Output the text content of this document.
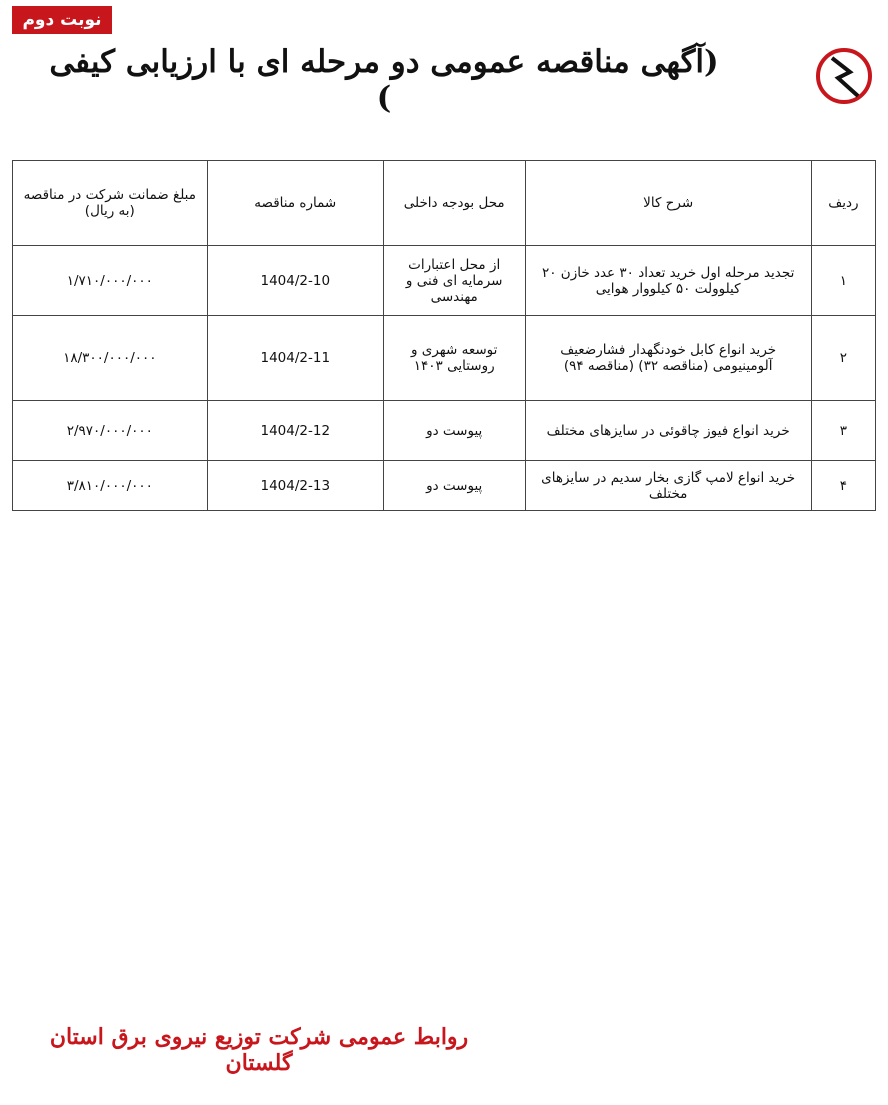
نوبت دوم
(آگهی مناقصه عمومی دو مرحله ای با ارزیابی کیفی )
ردیف	شرح کالا	محل بودجه داخلی	شماره مناقصه	مبلغ ضمانت شرکت در مناقصه (به ریال)
۱	تجدید مرحله اول خرید تعداد ۳۰ عدد خازن ۲۰ کیلوولت ۵۰ کیلووار هوایی	از محل اعتبارات سرمایه ای فنی و مهندسی	1404/2-10	۱/۷۱۰/۰۰۰/۰۰۰
۲	خرید انواع کابل خودنگهدار فشارضعیف آلومینیومی (مناقصه ۳۲) (مناقصه ۹۴)	توسعه شهری و روستایی ۱۴۰۳	1404/2-11	۱۸/۳۰۰/۰۰۰/۰۰۰
۳	خرید انواع فیوز چاقوئی در سایزهای مختلف	پیوست دو	1404/2-12	۲/۹۷۰/۰۰۰/۰۰۰
۴	خرید انواع لامپ گازی بخار سدیم در سایزهای مختلف	پیوست دو	1404/2-13	۳/۸۱۰/۰۰۰/۰۰۰
روابط عمومی شرکت توزیع نیروی برق استان گلستان
